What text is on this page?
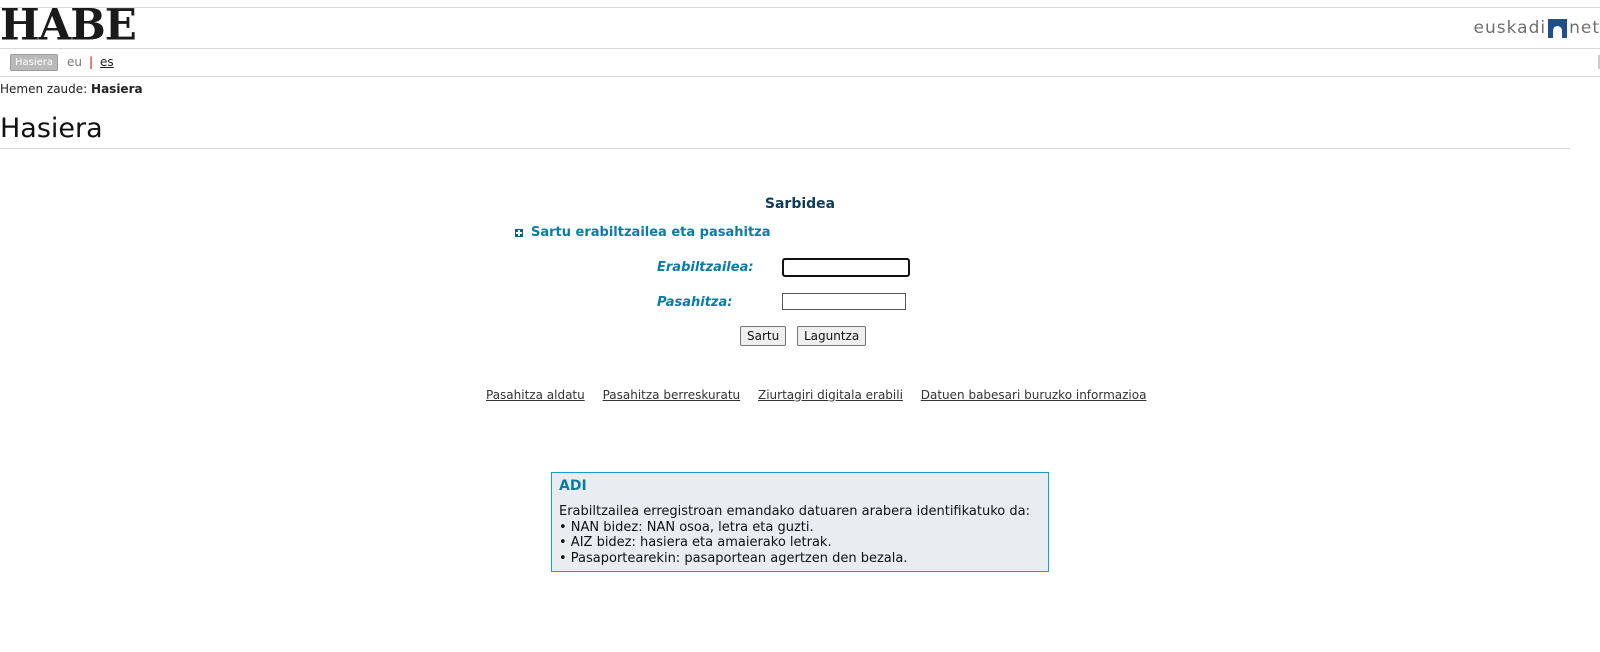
HABE	euskadi net
Hasiera	eu | es
Hemen zaude: Hasiera
Hasiera
Sarbidea
Sartu erabiltzailea eta pasahitza
Erabiltzailea:
Pasahitza:
Sartu	Laguntza
Pasahitza aldatu Pasahitza berreskuratu Ziurtagiri digitala erabili Datuen babesari buruzko informazioa
ADI
Erabiltzailea erregistroan emandako datuaren arabera identifikatuko da:
• NAN bidez: NAN osoa, letra eta guzti.
• AIZ bidez: hasiera eta amaierako letrak.
• Pasaportearekin: pasaportean agertzen den bezala.
